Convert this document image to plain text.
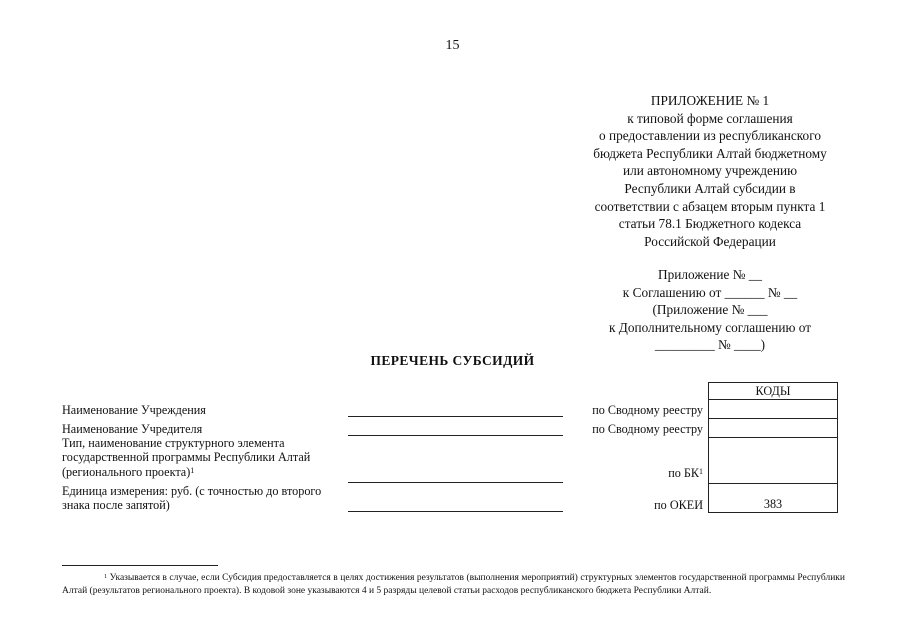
15
ПРИЛОЖЕНИЕ № 1
к типовой форме соглашения
о предоставлении из республиканского
бюджета Республики Алтай бюджетному
или автономному учреждению
Республики Алтай субсидии в
соответствии с абзацем вторым пункта 1
статьи 78.1 Бюджетного кодекса
Российской Федерации
Приложение № __
к Соглашению от ______ № __
(Приложение № ___
к Дополнительному соглашению от
_________ № ____)
ПЕРЕЧЕНЬ СУБСИДИЙ
Наименование Учреждения
Наименование Учредителя
Тип, наименование структурного элемента государственной программы Республики Алтай (регионального проекта)$^1$
Единица измерения: руб. (с точностью до второго знака после запятой)
по Сводному реестру
по Сводному реестру
по $БК^1$
по ОКЕИ
КОДЫ
383
$^1$ Указывается в случае, если Субсидия предоставляется в целях достижения результатов (выполнения мероприятий) структурных элементов государственной программы Республики Алтай (результатов регионального проекта). В кодовой зоне указываются 4 и 5 разряды целевой статьи расходов республиканского бюджета Республики Алтай.
